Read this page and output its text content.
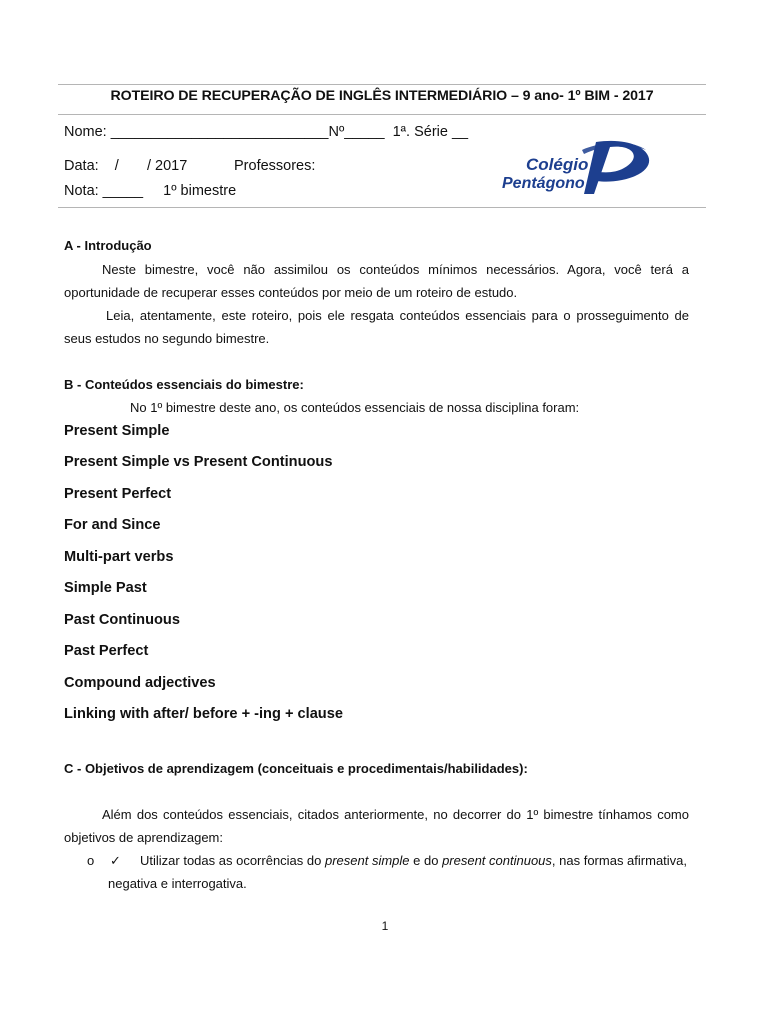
ROTEIRO DE RECUPERAÇÃO DE INGLÊS INTERMEDIÁRIO – 9 ano- 1º BIM - 2017
Nome: ___________________________Nº_____  1ª. Série __
Data:    /       / 2017	Professores:
Nota: _____     1º bimestre
Colégio
Pentágono
A - Introdução

Neste bimestre, você não assimilou os conteúdos mínimos necessários. Agora, você terá a oportunidade de recuperar esses conteúdos por meio de um roteiro de estudo.

Leia, atentamente, este roteiro, pois ele resgata conteúdos essenciais para o prosseguimento de seus estudos no segundo bimestre.

B - Conteúdos essenciais do bimestre:
No 1º bimestre deste ano, os conteúdos essenciais de nossa disciplina foram:
Present Simple
Present Simple vs Present Continuous
Present Perfect
For and Since
Multi-part verbs
Simple Past
Past Continuous
Past Perfect
Compound adjectives
Linking with after/ before + -ing + clause
C - Objetivos de aprendizagem (conceituais e procedimentais/habilidades):

Além dos conteúdos essenciais, citados anteriormente, no decorrer do 1º bimestre tínhamos como objetivos de aprendizagem:

o ✓	Utilizar todas as ocorrências do present simple e do present continuous, nas formas afirmativa, negativa e interrogativa.
1
